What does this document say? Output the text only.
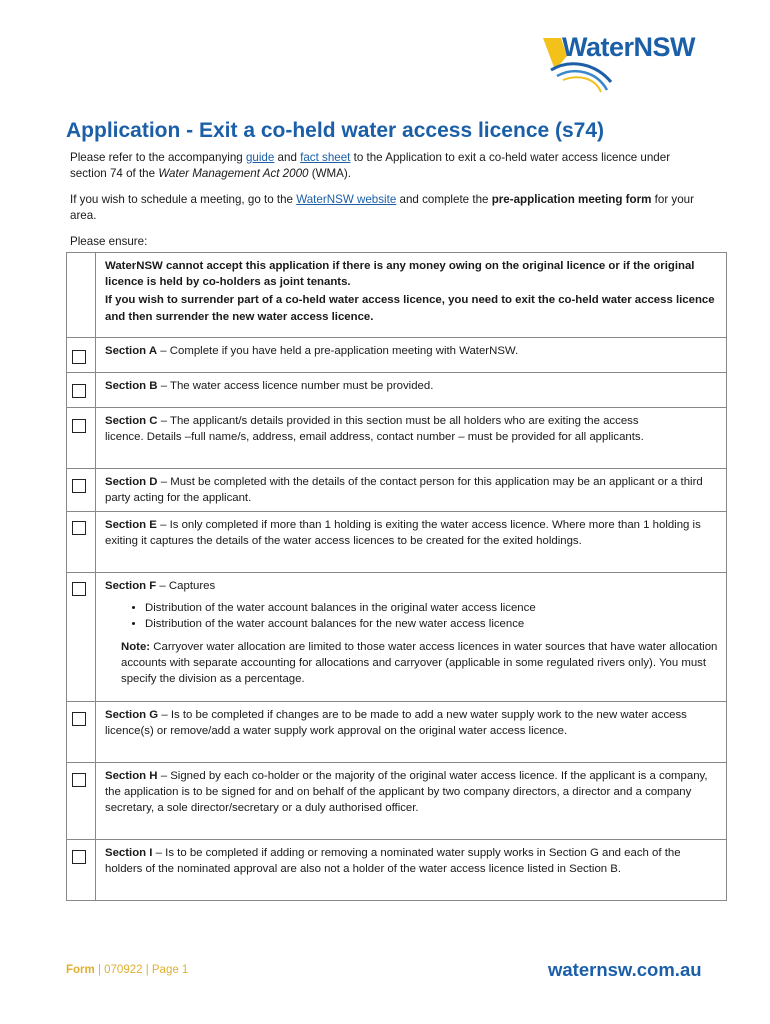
WaterNSW
Application - Exit a co-held water access licence (s74)

Please refer to the accompanying guide and fact sheet to the Application to exit a co-held water access licence under section 74 of the Water Management Act 2000 (WMA).

If you wish to schedule a meeting, go to the WaterNSW website and complete the pre-application meeting form for your area.

Please ensure:

WaterNSW cannot accept this application if there is any money owing on the original licence or if the original licence is held by co-holders as joint tenants.
If you wish to surrender part of a co-held water access licence, you need to exit the co-held water access licence and then surrender the new water access licence.

Section A – Complete if you have held a pre-application meeting with WaterNSW.
Section B – The water access licence number must be provided.
Section C – The applicant/s details provided in this section must be all holders who are exiting the access licence. Details –full name/s, address, email address, contact number – must be provided for all applicants.
Section D – Must be completed with the details of the contact person for this application may be an applicant or a third party acting for the applicant.
Section E – Is only completed if more than 1 holding is exiting the water access licence. Where more than 1 holding is exiting it captures the details of the water access licences to be created for the exited holdings.
Section F – Captures
• Distribution of the water account balances in the original water access licence
• Distribution of the water account balances for the new water access licence
Note: Carryover water allocation are limited to those water access licences in water sources that have water allocation accounts with separate accounting for allocations and carryover (applicable in some regulated rivers only). You must specify the division as a percentage.

Section G – Is to be completed if changes are to be made to add a new water supply work to the new water access licence(s) or remove/add a water supply work approval on the original water access licence.
Section H – Signed by each co-holder or the majority of the original water access licence. If the applicant is a company, the application is to be signed for and on behalf of the applicant by two company directors, a director and a company secretary, a sole director/secretary or a duly authorised officer.
Section I – Is to be completed if adding or removing a nominated water supply works in Section G and each of the holders of the nominated approval are also not a holder of the water access licence listed in Section B.
Form | 070922 | Page 1	waternsw.com.au
